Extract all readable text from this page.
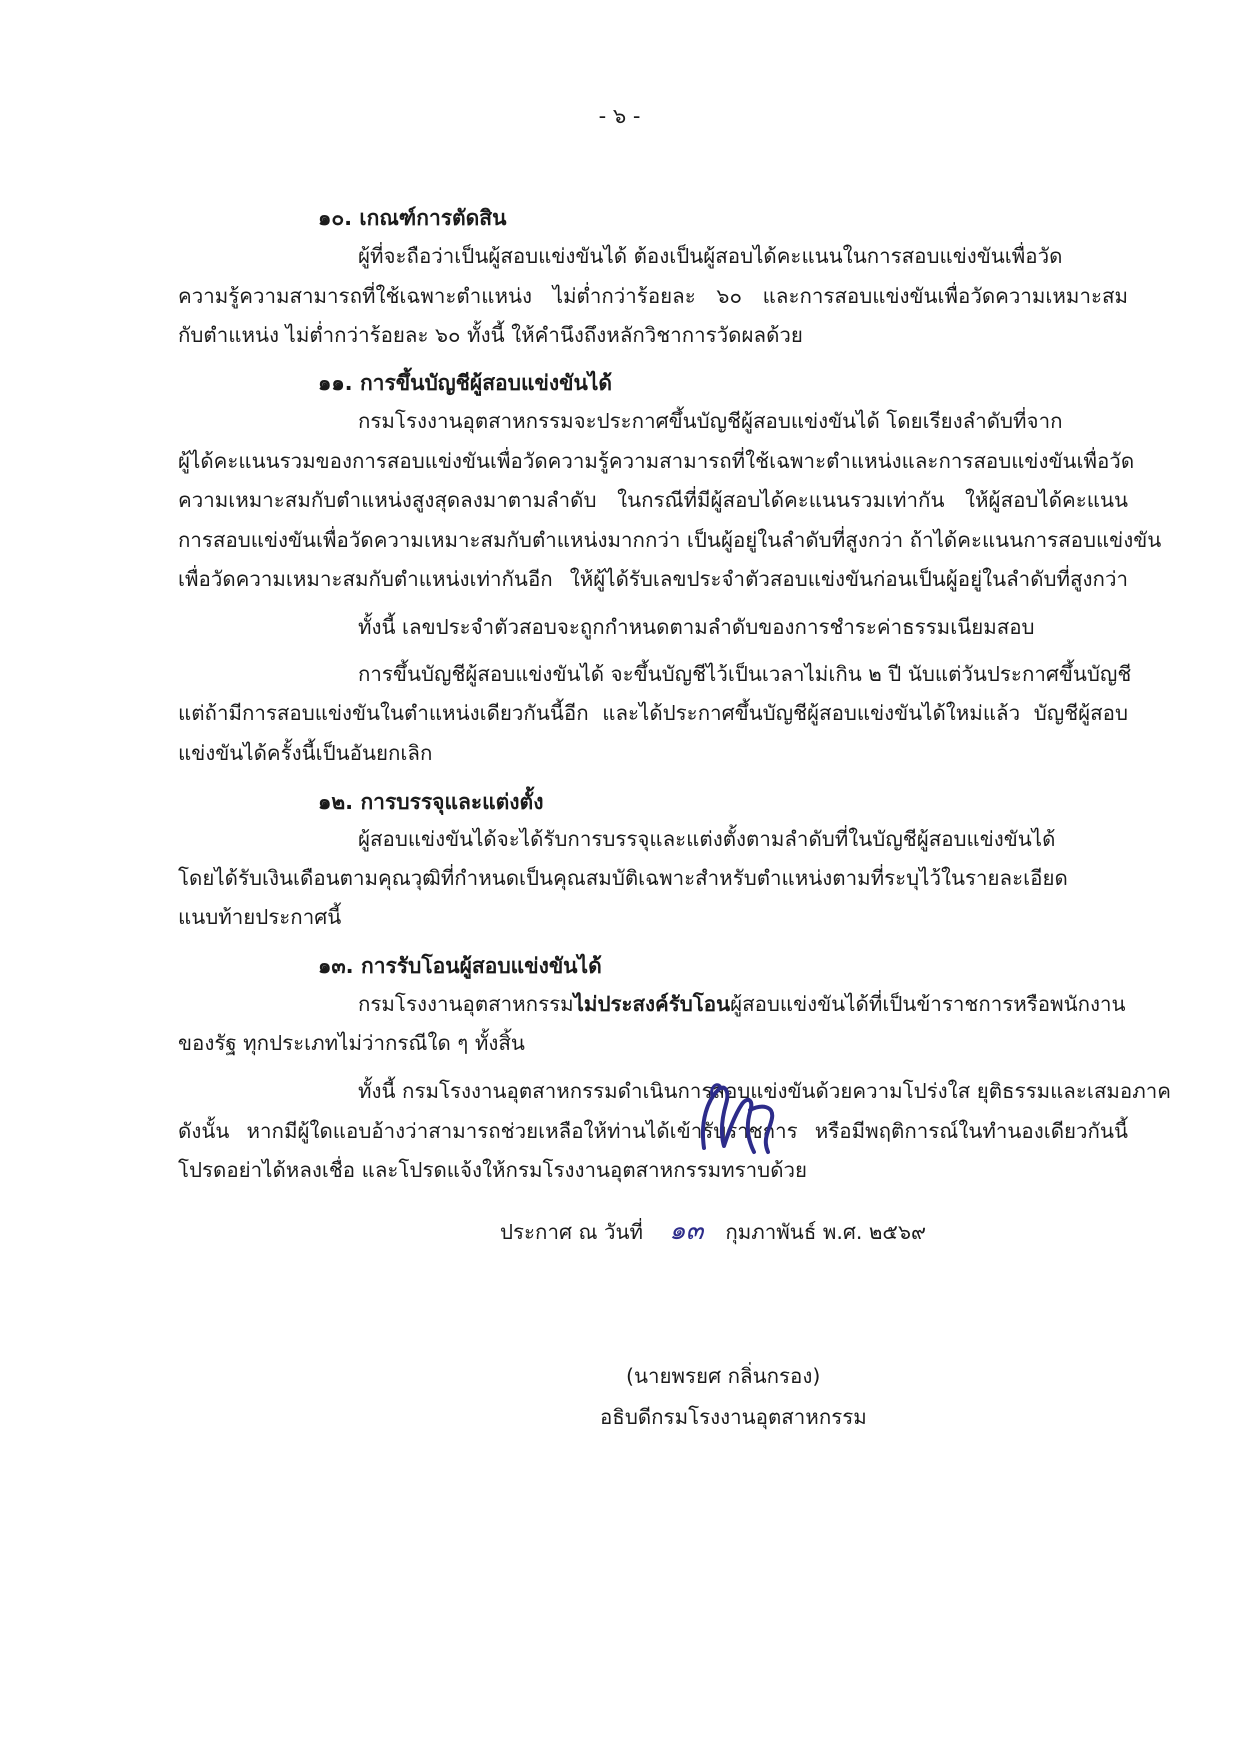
- ๖ -
๑๐. เกณฑ์การตัดสิน
ผู้ที่จะถือว่าเป็นผู้สอบแข่งขันได้ ต้องเป็นผู้สอบได้คะแนนในการสอบแข่งขันเพื่อวัด
ความรู้ความสามารถที่ใช้เฉพาะตำแหน่ง ไม่ต่ำกว่าร้อยละ ๖๐ และการสอบแข่งขันเพื่อวัดความเหมาะสม
กับตำแหน่ง ไม่ต่ำกว่าร้อยละ ๖๐ ทั้งนี้ ให้คำนึงถึงหลักวิชาการวัดผลด้วย
๑๑. การขึ้นบัญชีผู้สอบแข่งขันได้
กรมโรงงานอุตสาหกรรมจะประกาศขึ้นบัญชีผู้สอบแข่งขันได้ โดยเรียงลำดับที่จาก
ผู้ได้คะแนนรวมของการสอบแข่งขันเพื่อวัดความรู้ความสามารถที่ใช้เฉพาะตำแหน่งและการสอบแข่งขันเพื่อวัด
ความเหมาะสมกับตำแหน่งสูงสุดลงมาตามลำดับ ในกรณีที่มีผู้สอบได้คะแนนรวมเท่ากัน ให้ผู้สอบได้คะแนน
การสอบแข่งขันเพื่อวัดความเหมาะสมกับตำแหน่งมากกว่า เป็นผู้อยู่ในลำดับที่สูงกว่า ถ้าได้คะแนนการสอบแข่งขัน
เพื่อวัดความเหมาะสมกับตำแหน่งเท่ากันอีก ให้ผู้ได้รับเลขประจำตัวสอบแข่งขันก่อนเป็นผู้อยู่ในลำดับที่สูงกว่า
ทั้งนี้ เลขประจำตัวสอบจะถูกกำหนดตามลำดับของการชำระค่าธรรมเนียมสอบ
การขึ้นบัญชีผู้สอบแข่งขันได้ จะขึ้นบัญชีไว้เป็นเวลาไม่เกิน ๒ ปี นับแต่วันประกาศขึ้นบัญชี
แต่ถ้ามีการสอบแข่งขันในตำแหน่งเดียวกันนี้อีก และได้ประกาศขึ้นบัญชีผู้สอบแข่งขันได้ใหม่แล้ว บัญชีผู้สอบ
แข่งขันได้ครั้งนี้เป็นอันยกเลิก
๑๒. การบรรจุและแต่งตั้ง
ผู้สอบแข่งขันได้จะได้รับการบรรจุและแต่งตั้งตามลำดับที่ในบัญชีผู้สอบแข่งขันได้
โดยได้รับเงินเดือนตามคุณวุฒิที่กำหนดเป็นคุณสมบัติเฉพาะสำหรับตำแหน่งตามที่ระบุไว้ในรายละเอียด
แนบท้ายประกาศนี้
๑๓. การรับโอนผู้สอบแข่งขันได้
กรมโรงงานอุตสาหกรรมไม่ประสงค์รับโอนผู้สอบแข่งขันได้ที่เป็นข้าราชการหรือพนักงาน
ของรัฐ ทุกประเภทไม่ว่ากรณีใด ๆ ทั้งสิ้น
ทั้งนี้ กรมโรงงานอุตสาหกรรมดำเนินการสอบแข่งขันด้วยความโปร่งใส ยุติธรรมและเสมอภาค
ดังนั้น หากมีผู้ใดแอบอ้างว่าสามารถช่วยเหลือให้ท่านได้เข้ารับราชการ หรือมีพฤติการณ์ในทำนองเดียวกันนี้
โปรดอย่าได้หลงเชื่อ และโปรดแจ้งให้กรมโรงงานอุตสาหกรรมทราบด้วย
ประกาศ ณ วันที่ ๑๓ กุมภาพันธ์ พ.ศ. ๒๕๖๙
(นายพรยศ กลิ่นกรอง)
อธิบดีกรมโรงงานอุตสาหกรรม
